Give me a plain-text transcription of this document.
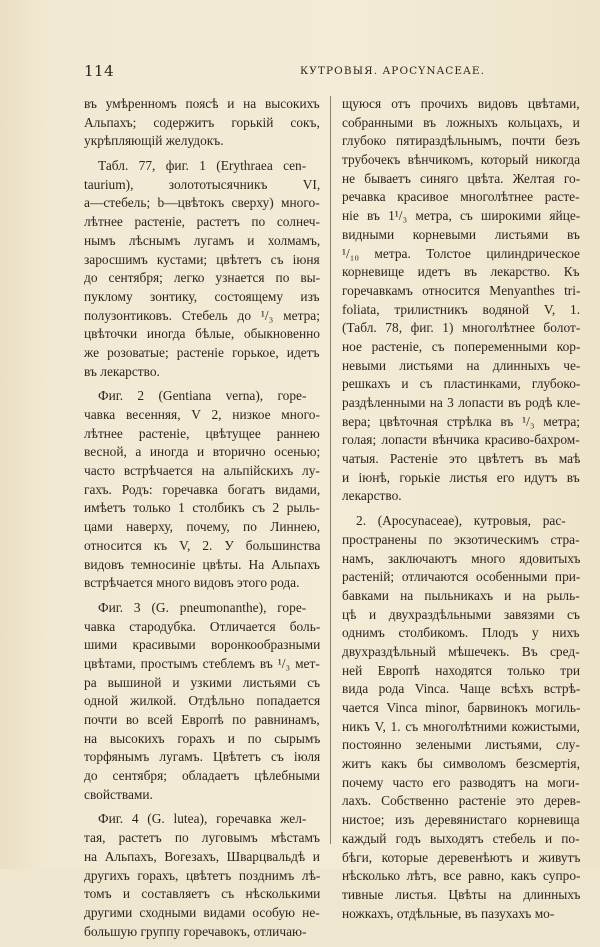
114	КУТРОВЫЯ. APOCYNACEAE.
въ умѣренномъ поясѣ и на высокихъ
Альпахъ; содержитъ горькій сокъ,
укрѣпляющій желудокъ.
Табл. 77, фиг. 1 (Erythraea cen-
taurium), золототысячникъ VI,
a—стебель; b—цвѣтокъ сверху) много-
лѣтнее растеніе, растетъ по солнеч-
нымъ лѣснымъ лугамъ и холмамъ,
заросшимъ кустами; цвѣтетъ съ іюня
до сентября; легко узнается по вы-
пуклому зонтику, состоящему изъ
полузонтиковъ. Стебель до ¹/₃ метра;
цвѣточки иногда бѣлые, обыкновенно
же розоватые; растеніе горькое, идетъ
въ лекарство.
Фиг. 2 (Gentiana verna), горе-
чавка весенняя, V 2, низкое много-
лѣтнее растеніе, цвѣтущее раннею
весной, а иногда и вторично осенью;
часто встрѣчается на альпійскихъ лу-
гахъ. Родъ: горечавка богатъ видами,
имѣетъ только 1 столбикъ съ 2 рыль-
цами наверху, почему, по Линнею,
относится къ V, 2. У большинства
видовъ темносиніе цвѣты. На Альпахъ
встрѣчается много видовъ этого рода.
Фиг. 3 (G. pneumonanthe), горе-
чавка стародубка. Отличается боль-
шими красивыми воронкообразными
цвѣтами, простымъ стеблемъ въ ¹/₃ мет-
ра вышиной и узкими листьями съ
одной жилкой. Отдѣльно попадается
почти во всей Европѣ по равнинамъ,
на высокихъ горахъ и по сырымъ
торфянымъ лугамъ. Цвѣтетъ съ іюля
до сентября; обладаетъ цѣлебными
свойствами.
Фиг. 4 (G. lutea), горечавка жел-
тая, растетъ по луговымъ мѣстамъ
на Альпахъ, Вогезахъ, Шварцвальдѣ и
другихъ горахъ, цвѣтетъ позднимъ лѣ-
томъ и составляетъ съ нѣсколькими
другими сходными видами особую не-
большую группу горечавокъ, отличаю-
щуюся отъ прочихъ видовъ цвѣтами,
собранными въ ложныхъ кольцахъ, и
глубоко пятираздѣльнымъ, почти безъ
трубочекъ вѣнчикомъ, который никогда
не бываетъ синяго цвѣта. Желтая го-
речавка красивое многолѣтнее расте-
ніе въ 1¹/₃ метра, съ широкими яйце-
видными корневыми листьями въ
¹/₁₀ метра. Толстое цилиндрическое
корневище идетъ въ лекарство. Къ
горечавкамъ относится Menyanthes tri-
foliata, трилистникъ водяной V, 1.
(Табл. 78, фиг. 1) многолѣтнее болот-
ное растеніе, съ попеременными кор-
невыми листьями на длинныхъ че-
решкахъ и съ пластинками, глубоко-
раздѣленными на 3 лопасти въ родѣ кле-
вера; цвѣточная стрѣлка въ ¹/₃ метра;
голая; лопасти вѣнчика красиво-бахром-
чатыя. Растеніе это цвѣтетъ въ маѣ
и іюнѣ, горькіе листья его идутъ въ
лекарство.
2. (Apocynaceae), кутровыя, рас-
пространены по экзотическимъ стра-
намъ, заключаютъ много ядовитыхъ
растеній; отличаются особенными при-
бавками на пыльникахъ и на рыль-
цѣ и двухраздѣльными завязями съ
однимъ столбикомъ. Плодъ у нихъ
двухраздѣльный мѣшечекъ. Въ сред-
ней Европѣ находятся только три
вида рода Vinca. Чаще всѣхъ встрѣ-
чается Vinca minor, барвинокъ могиль-
никъ V, 1. съ многолѣтними кожистыми,
постоянно зелеными листьями, слу-
житъ какъ бы символомъ безсмертія,
почему часто его разводятъ на моги-
лахъ. Собственно растеніе это дерев-
нистое; изъ деревянистаго корневища
каждый годъ выходятъ стебель и по-
бѣги, которые деревенѣютъ и живутъ
нѣсколько лѣтъ, все равно, какъ супро-
тивные листья. Цвѣты на длинныхъ
ножкахъ, отдѣльные, въ пазухахъ мо-
